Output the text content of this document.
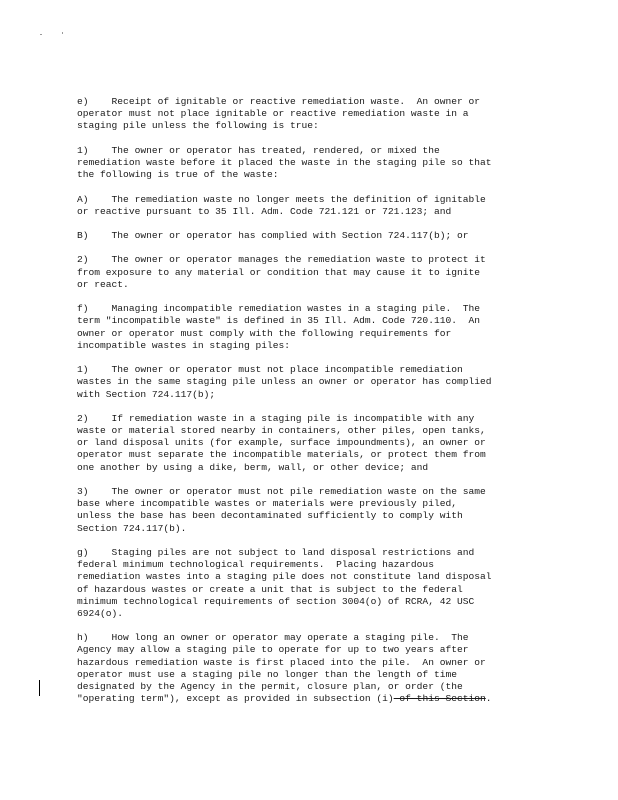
e)    Receipt of ignitable or reactive remediation waste.  An owner or
operator must not place ignitable or reactive remediation waste in a
staging pile unless the following is true:
1)    The owner or operator has treated, rendered, or mixed the
remediation waste before it placed the waste in the staging pile so that
the following is true of the waste:
A)    The remediation waste no longer meets the definition of ignitable
or reactive pursuant to 35 Ill. Adm. Code 721.121 or 721.123; and
B)    The owner or operator has complied with Section 724.117(b); or
2)    The owner or operator manages the remediation waste to protect it
from exposure to any material or condition that may cause it to ignite
or react.
f)    Managing incompatible remediation wastes in a staging pile.  The
term "incompatible waste" is defined in 35 Ill. Adm. Code 720.110.  An
owner or operator must comply with the following requirements for
incompatible wastes in staging piles:
1)    The owner or operator must not place incompatible remediation
wastes in the same staging pile unless an owner or operator has complied
with Section 724.117(b);
2)    If remediation waste in a staging pile is incompatible with any
waste or material stored nearby in containers, other piles, open tanks,
or land disposal units (for example, surface impoundments), an owner or
operator must separate the incompatible materials, or protect them from
one another by using a dike, berm, wall, or other device; and
3)    The owner or operator must not pile remediation waste on the same
base where incompatible wastes or materials were previously piled,
unless the base has been decontaminated sufficiently to comply with
Section 724.117(b).
g)    Staging piles are not subject to land disposal restrictions and
federal minimum technological requirements.  Placing hazardous
remediation wastes into a staging pile does not constitute land disposal
of hazardous wastes or create a unit that is subject to the federal
minimum technological requirements of section 3004(o) of RCRA, 42 USC
6924(o).
h)    How long an owner or operator may operate a staging pile.  The
Agency may allow a staging pile to operate for up to two years after
hazardous remediation waste is first placed into the pile.  An owner or
operator must use a staging pile no longer than the length of time
designated by the Agency in the permit, closure plan, or order (the
"operating term"), except as provided in subsection (i) of this Section.
